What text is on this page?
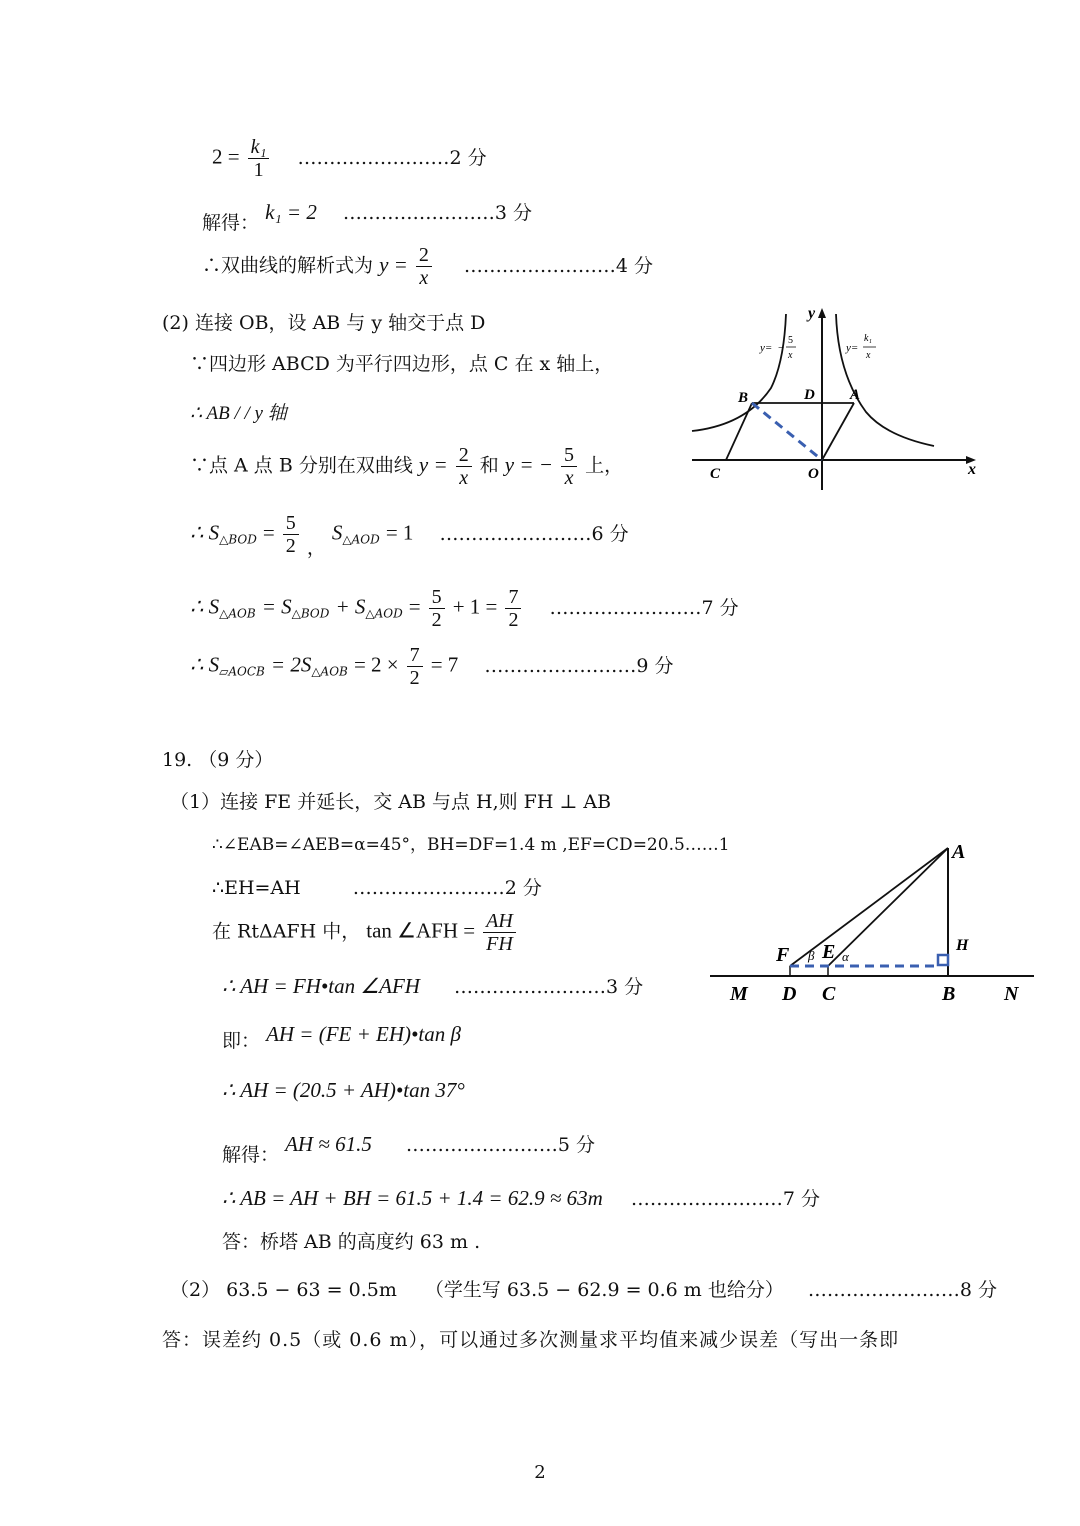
$2 = \frac{\text{k₁}}{1}$ ……………………2 分
解得： k₁ = 2 ……………………3 分
∴双曲线的解析式为 $y = \frac{2}{x}$ ……………………4 分
(2) 连接 OB，设 AB 与 y 轴交于点 D
∵四边形 ABCD 为平行四边形，点 C 在 x 轴上，
∴ AB / / y 轴
∵点 A 点 B 分别在双曲线 $y = \frac{2}{x}$ 和 y = − $\frac{5}{x}$ 上，
∴ $S_{\triangle BOD} = \frac{5}{2}$ ， $S_{\triangle AOD} = 1$ ……………………6 分
∴ $S_{\triangle AOB} = S_{\triangle BOD} + S_{\triangle AOD} = \frac{5}{2} + 1 = \frac{7}{2}$ ……………………7 分
∴ $S_{▱AOCB} = 2S_{\triangle AOB} = 2 \times \frac{7}{2} = 7$ ……………………9 分
y
x
y= −
5
x
y=
k₁
x
B	D A
C	O
19. （9 分）
（1）连接 FE 并延长，交 AB 与点 H,则 FH ⊥ AB
∴∠EAB=∠AEB=α=45°，BH=DF=1.4 m ,EF=CD=20.5……1
∴EH=AH	……………………2 分
在 RtΔAFH 中， tan ∠AFH = $\frac{AH}{FH}$
∴ AH = FH•tan ∠AFH ……………………3 分
即： AH = (FE + EH)•tan β
∴ AH = (20.5 + AH)•tan 37°
解得： AH ≈ 61.5 ……………………5 分
∴ AB = AH + BH = 61.5 + 1.4 = 62.9 ≈ 63m ……………………7 分
答：桥塔 AB 的高度约 63 m .
（2） 63.5 − 63 = 0.5m （学生写 63.5 − 62.9 = 0.6 m 也给分） ……………………8 分
答：误差约 0.5（或 0.6 m），可以通过多次测量求平均值来减少误差（写出一条即
A
H
F β E α
M D C	B N
2
